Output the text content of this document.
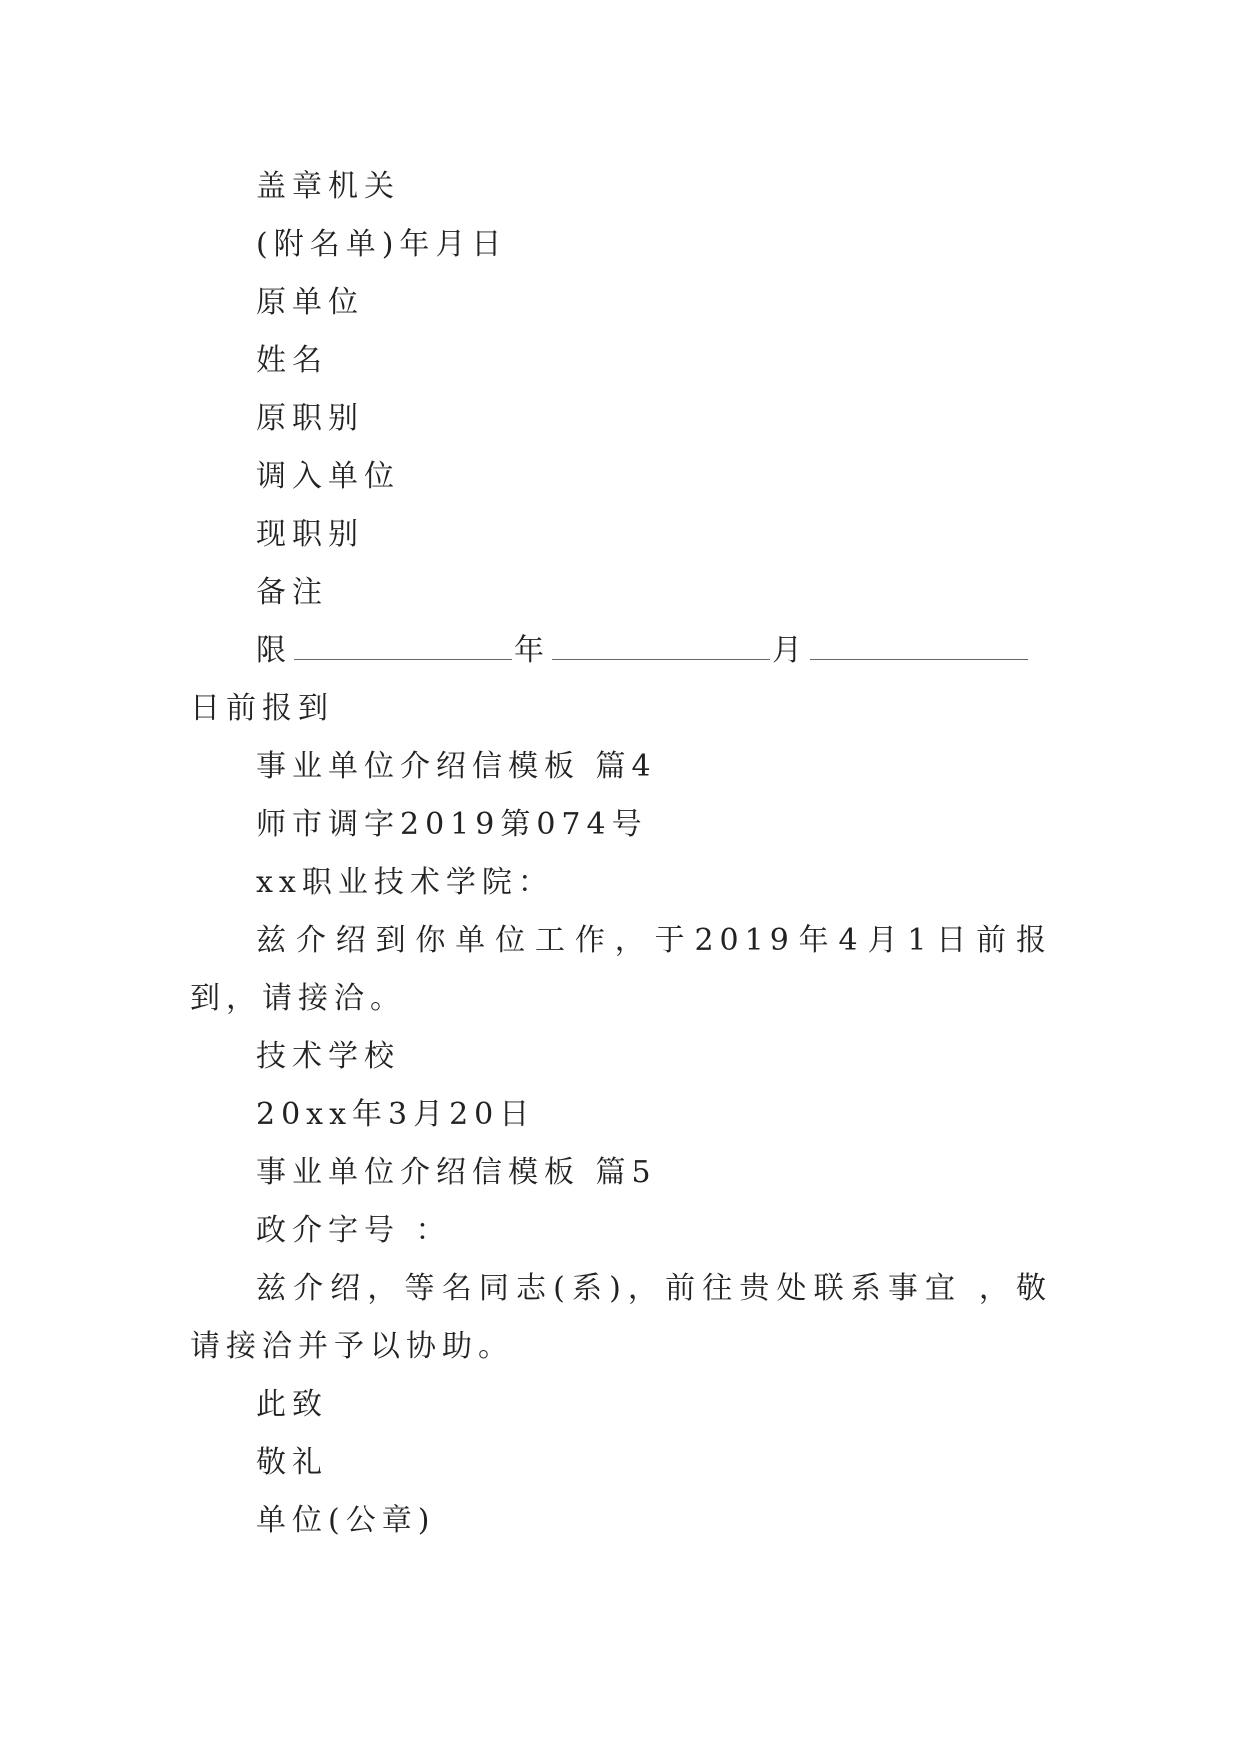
盖章机关

(附名单)年月日

原单位

姓名

原职别

调入单位

现职别

备注

限	年	月日前报到

事业单位介绍信模板 篇4

师市调字2019第074号

xx职业技术学院：

兹介绍到你单位工作，于2019年4月1日前报到，请接洽。

技术学校

20xx年3月20日

事业单位介绍信模板 篇5

政介字号 ：

兹介绍，等名同志(系)，前往贵处联系事宜 ，敬请接洽并予以协助。

此致

敬礼

单位(公章)
